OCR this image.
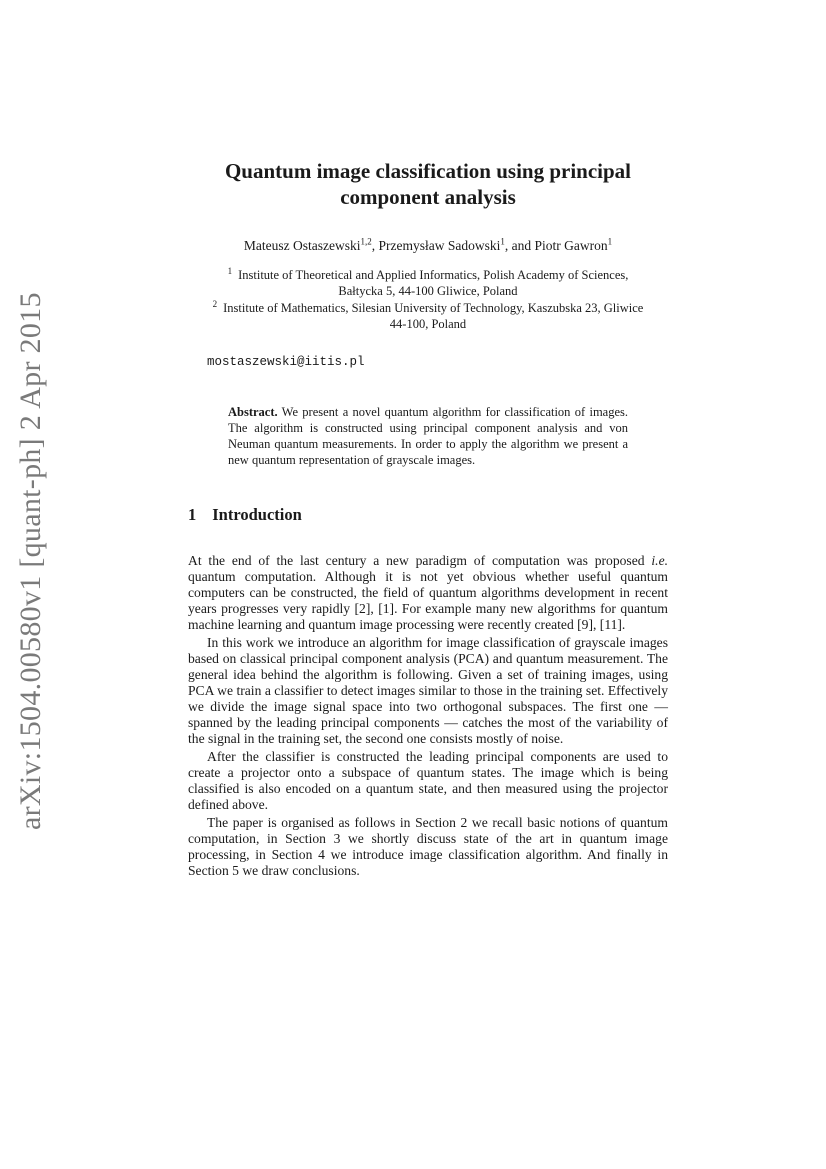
arXiv:1504.00580v1 [quant-ph] 2 Apr 2015
Quantum image classification using principal
component analysis
Mateusz Ostaszewski$^{1,2}$, Przemysław Sadowski$^1$, and Piotr Gawron$^1$
$^1$ Institute of Theoretical and Applied Informatics, Polish Academy of Sciences,
Bałtycka 5, 44-100 Gliwice, Poland
$^2$ Institute of Mathematics, Silesian University of Technology, Kaszubska 23, Gliwice
44-100, Poland
mostaszewski@iitis.pl
Abstract. We present a novel quantum algorithm for classification of images. The algorithm is constructed using principal component analysis and von Neuman quantum measurements. In order to apply the algorithm we present a new quantum representation of grayscale images.
1 Introduction

At the end of the last century a new paradigm of computation was proposed i.e. quantum computation. Although it is not yet obvious whether useful quantum computers can be constructed, the field of quantum algorithms development in recent years progresses very rapidly [2], [1]. For example many new algorithms for quantum machine learning and quantum image processing were recently created [9], [11].

In this work we introduce an algorithm for image classification of grayscale images based on classical principal component analysis (PCA) and quantum measurement. The general idea behind the algorithm is following. Given a set of training images, using PCA we train a classifier to detect images similar to those in the training set. Effectively we divide the image signal space into two orthogonal subspaces. The first one — spanned by the leading principal components — catches the most of the variability of the signal in the training set, the second one consists mostly of noise.

After the classifier is constructed the leading principal components are used to create a projector onto a subspace of quantum states. The image which is being classified is also encoded on a quantum state, and then measured using the projector defined above.

The paper is organised as follows in Section 2 we recall basic notions of quantum computation, in Section 3 we shortly discuss state of the art in quantum image processing, in Section 4 we introduce image classification algorithm. And finally in Section 5 we draw conclusions.
